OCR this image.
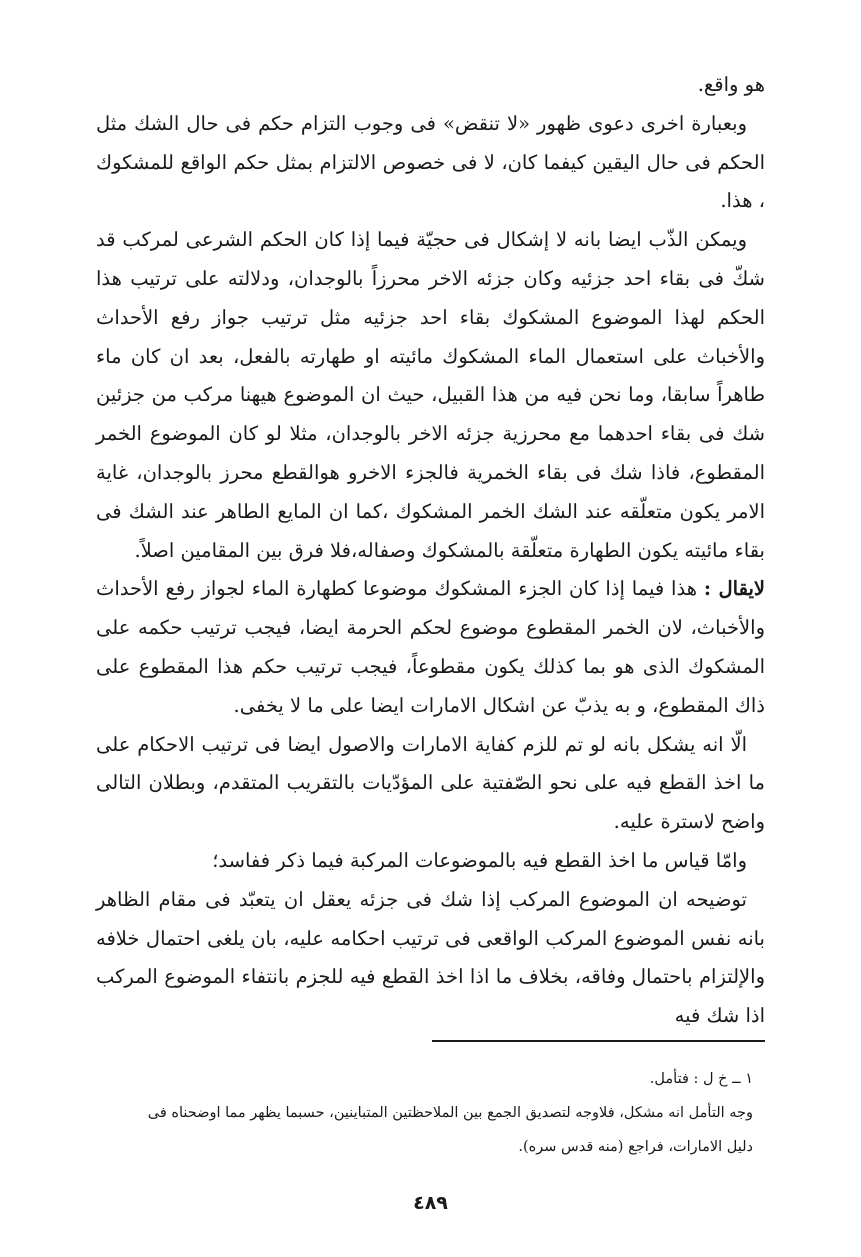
هو واقع.

وبعبارة اخرى دعوى ظهور «لا تنقض» فى وجوب التزام حكم فى حال الشك مثل الحكم فى حال اليقين كيفما كان، لا فى خصوص الالتزام بمثل حكم الواقع للمشكوك ، هذا.

ويمكن الذّب ايضا بانه لا إشكال فى حجيّة فيما إذا كان الحكم الشرعى لمركب قد شكّ فى بقاء احد جزئيه وكان جزئه الاخر محرزاً بالوجدان، ودلالته على ترتيب هذا الحكم لهذا الموضوع المشكوك بقاء احد جزئيه مثل ترتيب جواز رفع الأحداث والأخباث على استعمال الماء المشكوك مائيته او طهارته بالفعل، بعد ان كان ماء طاهراً سابقا، وما نحن فيه من هذا القبيل، حيث ان الموضوع هيهنا مركب من جزئين شك فى بقاء احدهما مع محرزية جزئه الاخر بالوجدان، مثلا لو كان الموضوع الخمر المقطوع، فاذا شك فى بقاء الخمرية فالجزء الاخرو هوالقطع محرز بالوجدان، غاية الامر يكون متعلّقه عند الشك الخمر المشكوك ،كما ان المايع الطاهر عند الشك فى بقاء مائيته يكون الطهارة متعلّقة بالمشكوك وصفاله،فلا فرق بين المقامين اصلاً.

لايقال : هذا فيما إذا كان الجزء المشكوك موضوعا كطهارة الماء لجواز رفع الأحداث والأخباث، لان الخمر المقطوع موضوع لحكم الحرمة ايضا، فيجب ترتيب حكمه على المشكوك الذى هو بما كذلك يكون مقطوعاً، فيجب ترتيب حكم هذا المقطوع على ذاك المقطوع، و به يذبّ عن اشكال الامارات ايضا على ما لا يخفى.

الّا انه يشكل بانه لو تم للزم كفاية الامارات والاصول ايضا فى ترتيب الاحكام على ما اخذ القطع فيه على نحو الصّفتية على المؤدّيات بالتقريب المتقدم، وبطلان التالى واضح لاسترة عليه.

وامّا قياس ما اخذ القطع فيه بالموضوعات المركبة فيما ذكر ففاسد؛

توضيحه ان الموضوع المركب إذا شك فى جزئه يعقل ان يتعبّد فى مقام الظاهر بانه نفس الموضوع المركب الواقعى فى ترتيب احكامه عليه، بان يلغى احتمال خلافه والإلتزام باحتمال وفاقه، بخلاف ما اذا اخذ القطع فيه للجزم بانتفاء الموضوع المركب اذا شك فيه

١ ــ خ ل : فتأمل.

وجه التأمل انه مشكل، فلاوجه لتصديق الجمع بين الملاحظتين المتباينين، حسبما يظهر مما اوضحناه فى

دليل الامارات، فراجع (منه قدس سره).

٤٨٩
